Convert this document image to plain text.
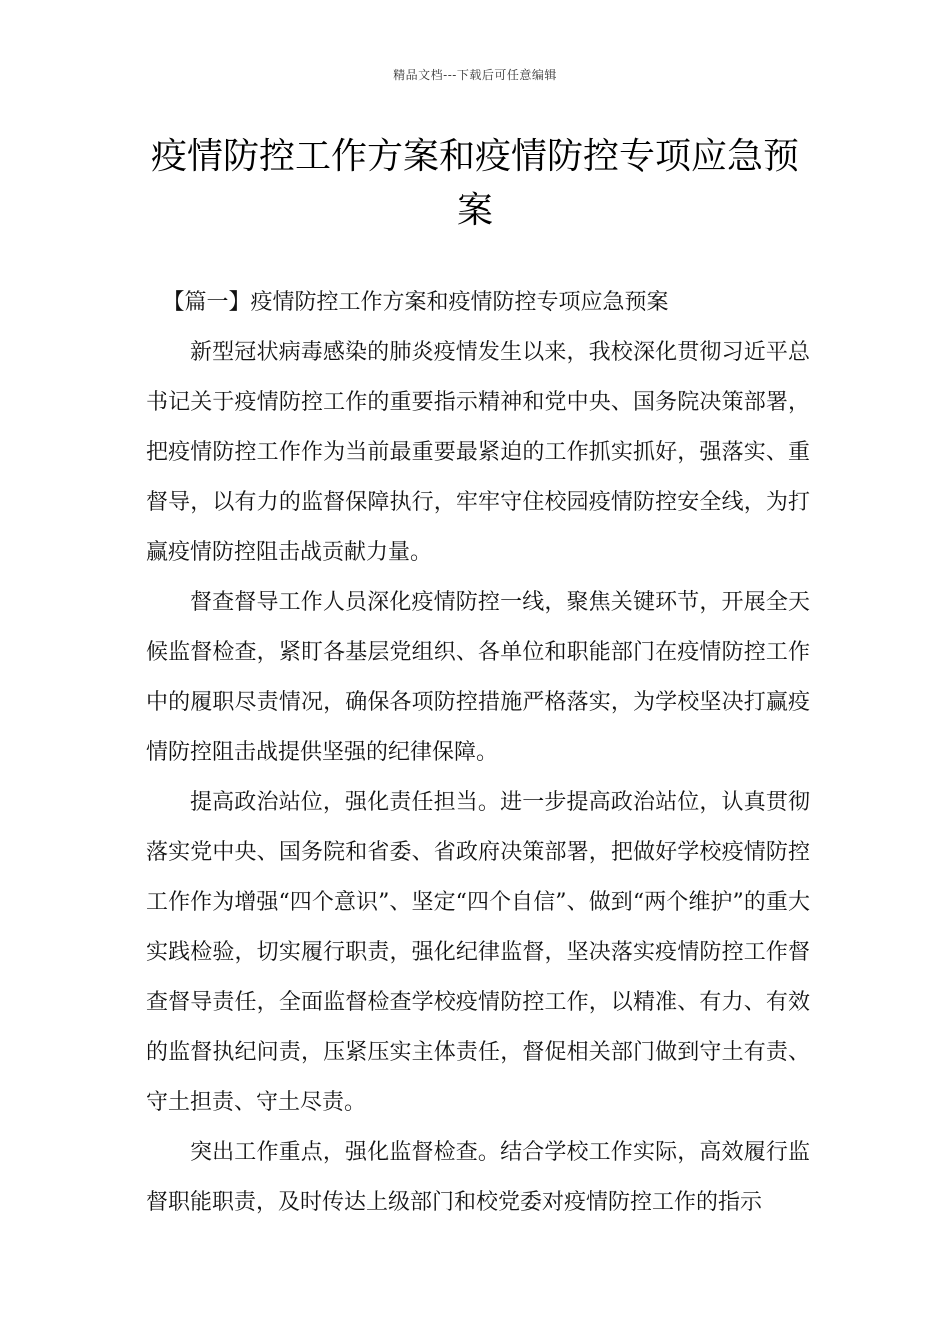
精品文档---下载后可任意编辑
疫情防控工作方案和疫情防控专项应急预案

【篇一】疫情防控工作方案和疫情防控专项应急预案

新型冠状病毒感染的肺炎疫情发生以来，我校深化贯彻习近平总书记关于疫情防控工作的重要指示精神和党中央、国务院决策部署，把疫情防控工作作为当前最重要最紧迫的工作抓实抓好，强落实、重督导，以有力的监督保障执行，牢牢守住校园疫情防控安全线，为打赢疫情防控阻击战贡献力量。

督查督导工作人员深化疫情防控一线，聚焦关键环节，开展全天候监督检查，紧盯各基层党组织、各单位和职能部门在疫情防控工作中的履职尽责情况，确保各项防控措施严格落实，为学校坚决打赢疫情防控阻击战提供坚强的纪律保障。

提高政治站位，强化责任担当。进一步提高政治站位，认真贯彻落实党中央、国务院和省委、省政府决策部署，把做好学校疫情防控工作作为增强“四个意识”、坚定“四个自信”、做到“两个维护”的重大实践检验，切实履行职责，强化纪律监督，坚决落实疫情防控工作督查督导责任，全面监督检查学校疫情防控工作，以精准、有力、有效的监督执纪问责，压紧压实主体责任，督促相关部门做到守土有责、守土担责、守土尽责。

突出工作重点，强化监督检查。结合学校工作实际，高效履行监督职能职责，及时传达上级部门和校党委对疫情防控工作的指示
